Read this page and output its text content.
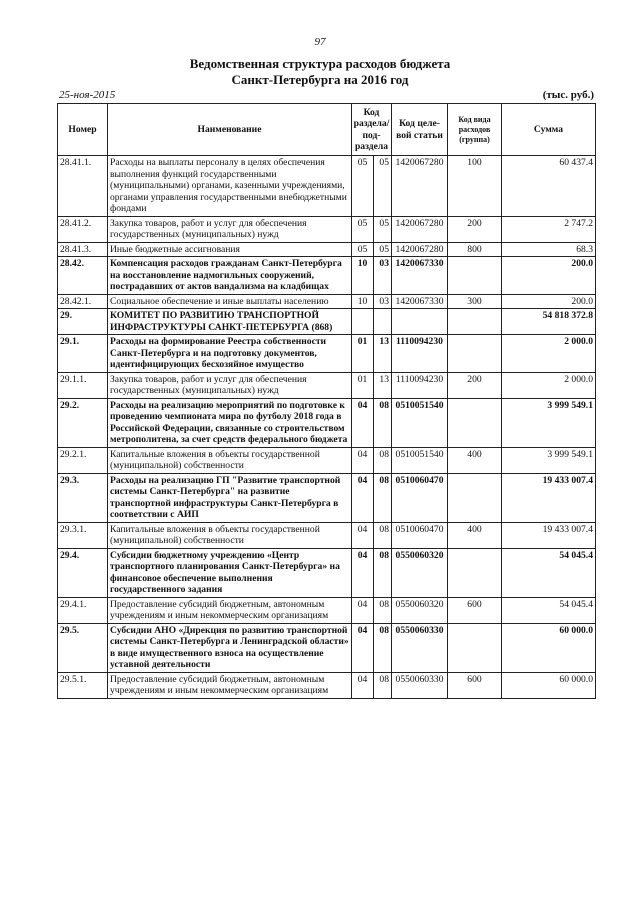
97
Ведомственная структура расходов бюджета
Санкт-Петербурга на 2016 год
25-ноя-2015	(тыс. руб.)
Номер	Наименование	Код раздела/ под- раздела		Код целе- вой статьи	Код вида расходов (группа)	Сумма
28.41.1.	Расходы на выплаты персоналу в целях обеспечения выполнения функций государственными (муниципальными) органами, казенными учреждениями, органами управления государственными внебюджетными фондами	05	05	1420067280	100	60 437.4
28.41.2.	Закупка товаров, работ и услуг для обеспечения государственных (муниципальных) нужд	05	05	1420067280	200	2 747.2
28.41.3.	Иные бюджетные ассигнования	05	05	1420067280	800	68.3
28.42.	Компенсация расходов гражданам Санкт-Петербурга на восстановление надмогильных сооружений, пострадавших от актов вандализма на кладбищах	10	03	1420067330		200.0
28.42.1.	Социальное обеспечение и иные выплаты населению	10	03	1420067330	300	200.0
29.	КОМИТЕТ ПО РАЗВИТИЮ ТРАНСПОРТНОЙ ИНФРАСТРУКТУРЫ САНКТ-ПЕТЕРБУРГА (868)					54 818 372.8
29.1.	Расходы на формирование Реестра собственности Санкт-Петербурга и на подготовку документов, идентифицирующих бесхозяйное имущество	01	13	1110094230		2 000.0
29.1.1.	Закупка товаров, работ и услуг для обеспечения государственных (муниципальных) нужд	01	13	1110094230	200	2 000.0
29.2.	Расходы на реализацию мероприятий по подготовке к проведению чемпионата мира по футболу 2018 года в Российской Федерации, связанные со строительством метрополитена, за счет средств федерального бюджета	04	08	0510051540		3 999 549.1
29.2.1.	Капитальные вложения в объекты государственной (муниципальной) собственности	04	08	0510051540	400	3 999 549.1
29.3.	Расходы на реализацию ГП "Развитие транспортной системы Санкт-Петербурга" на развитие транспортной инфраструктуры Санкт-Петербурга в соответствии с АИП	04	08	0510060470		19 433 007.4
29.3.1.	Капитальные вложения в объекты государственной (муниципальной) собственности	04	08	0510060470	400	19 433 007.4
29.4.	Субсидии бюджетному учреждению «Центр транспортного планирования Санкт-Петербурга» на финансовое обеспечение выполнения государственного задания	04	08	0550060320		54 045.4
29.4.1.	Предоставление субсидий бюджетным, автономным учреждениям и иным некоммерческим организациям	04	08	0550060320	600	54 045.4
29.5.	Субсидии АНО «Дирекция по развитию транспортной системы Санкт-Петербурга и Ленинградской области» в виде имущественного взноса на осуществление уставной деятельности	04	08	0550060330		60 000.0
29.5.1.	Предоставление субсидий бюджетным, автономным учреждениям и иным некоммерческим организациям	04	08	0550060330	600	60 000.0
